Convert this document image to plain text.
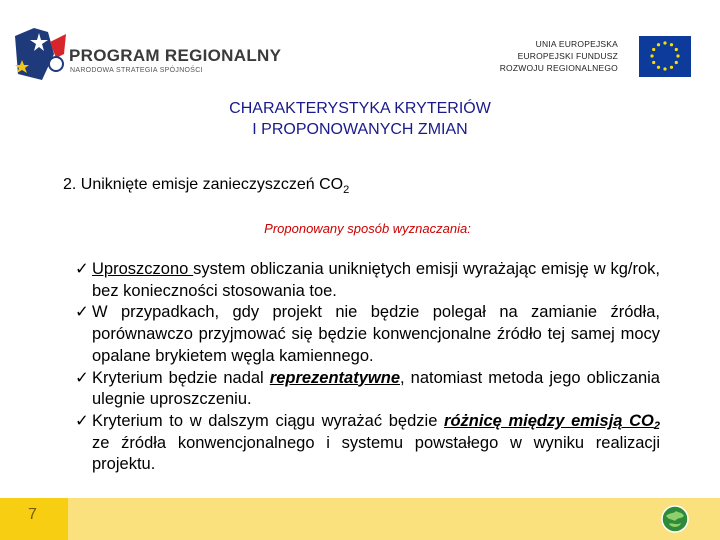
PROGRAM REGIONALNY
NARODOWA STRATEGIA SPÓJNOŚCI
UNIA EUROPEJSKA
EUROPEJSKI FUNDUSZ
ROZWOJU REGIONALNEGO
CHARAKTERYSTYKA KRYTERIÓW
I PROPONOWANYCH ZMIAN
2. Uniknięte emisje zanieczyszczeń $CO_2$
Proponowany sposób wyznaczania:
✓ Uproszczono system obliczania unikniętych emisji wyrażając emisję w kg/rok, bez konieczności stosowania toe.
✓ W przypadkach, gdy projekt nie będzie polegał na zamianie źródła, porównawczo przyjmować się będzie konwencjonalne źródło tej samej mocy opalane brykietem węgla kamiennego.
✓ Kryterium będzie nadal reprezentatywne, natomiast metoda jego obliczania ulegnie uproszczeniu.
✓ Kryterium to w dalszym ciągu wyrażać będzie różnicę między emisją $CO_2$ ze źródła konwencjonalnego i systemu powstałego w wyniku realizacji projektu.
7
